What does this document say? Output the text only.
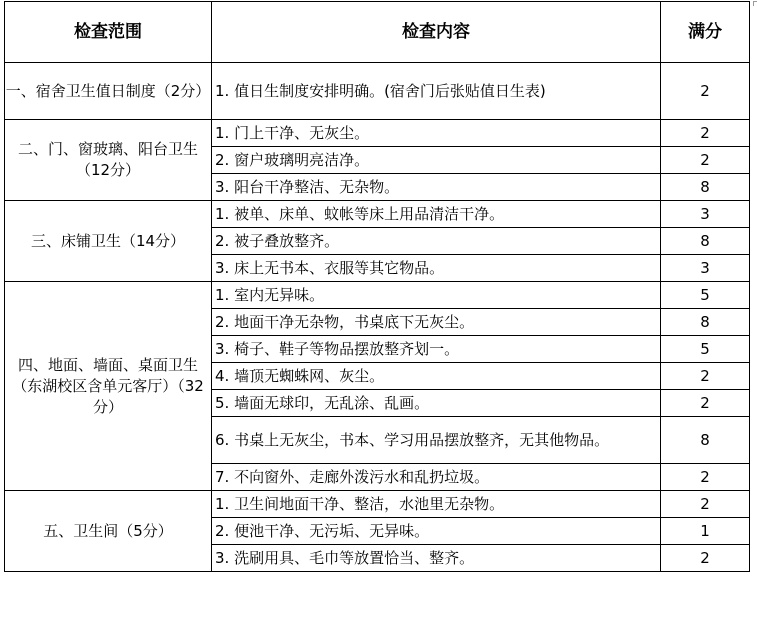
检查范围	检查内容	满分
一、宿舍卫生值日制度（2分）	1. 值日生制度安排明确。(宿舍门后张贴值日生表)	2
二、门、窗玻璃、阳台卫生（12分）	1. 门上干净、无灰尘。	2
	2. 窗户玻璃明亮洁净。	2
	3. 阳台干净整洁、无杂物。	8
三、床铺卫生（14分）	1. 被单、床单、蚊帐等床上用品清洁干净。	3
	2. 被子叠放整齐。	8
	3. 床上无书本、衣服等其它物品。	3
四、地面、墙面、桌面卫生（东湖校区含单元客厅）（32分）	1. 室内无异味。	5
	2. 地面干净无杂物，书桌底下无灰尘。	8
	3. 椅子、鞋子等物品摆放整齐划一。	5
	4. 墙顶无蜘蛛网、灰尘。	2
	5. 墙面无球印，无乱涂、乱画。	2
	6. 书桌上无灰尘，书本、学习用品摆放整齐，无其他物品。	8
	7. 不向窗外、走廊外泼污水和乱扔垃圾。	2
五、卫生间（5分）	1. 卫生间地面干净、整洁，水池里无杂物。	2
	2. 便池干净、无污垢、无异味。	1
	3. 洗刷用具、毛巾等放置恰当、整齐。	2
